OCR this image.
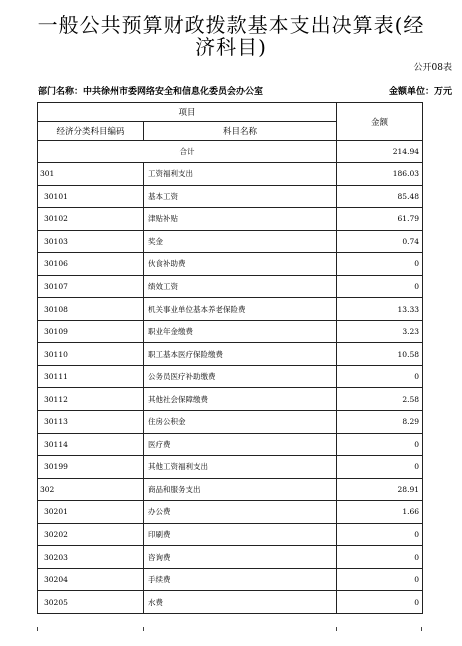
一般公共预算财政拨款基本支出决算表(经
济科目)
公开08表
部门名称：中共徐州市委网络安全和信息化委员会办公室	金额单位：万元
项目		金额
经济分类科目编码	科目名称	
合计		214.94
301	工资福利支出	186.03
30101	基本工资	85.48
30102	津贴补贴	61.79
30103	奖金	0.74
30106	伙食补助费	0
30107	绩效工资	0
30108	机关事业单位基本养老保险费	13.33
30109	职业年金缴费	3.23
30110	职工基本医疗保险缴费	10.58
30111	公务员医疗补助缴费	0
30112	其他社会保障缴费	2.58
30113	住房公积金	8.29
30114	医疗费	0
30199	其他工资福利支出	0
302	商品和服务支出	28.91
30201	办公费	1.66
30202	印刷费	0
30203	咨询费	0
30204	手续费	0
30205	水费	0
